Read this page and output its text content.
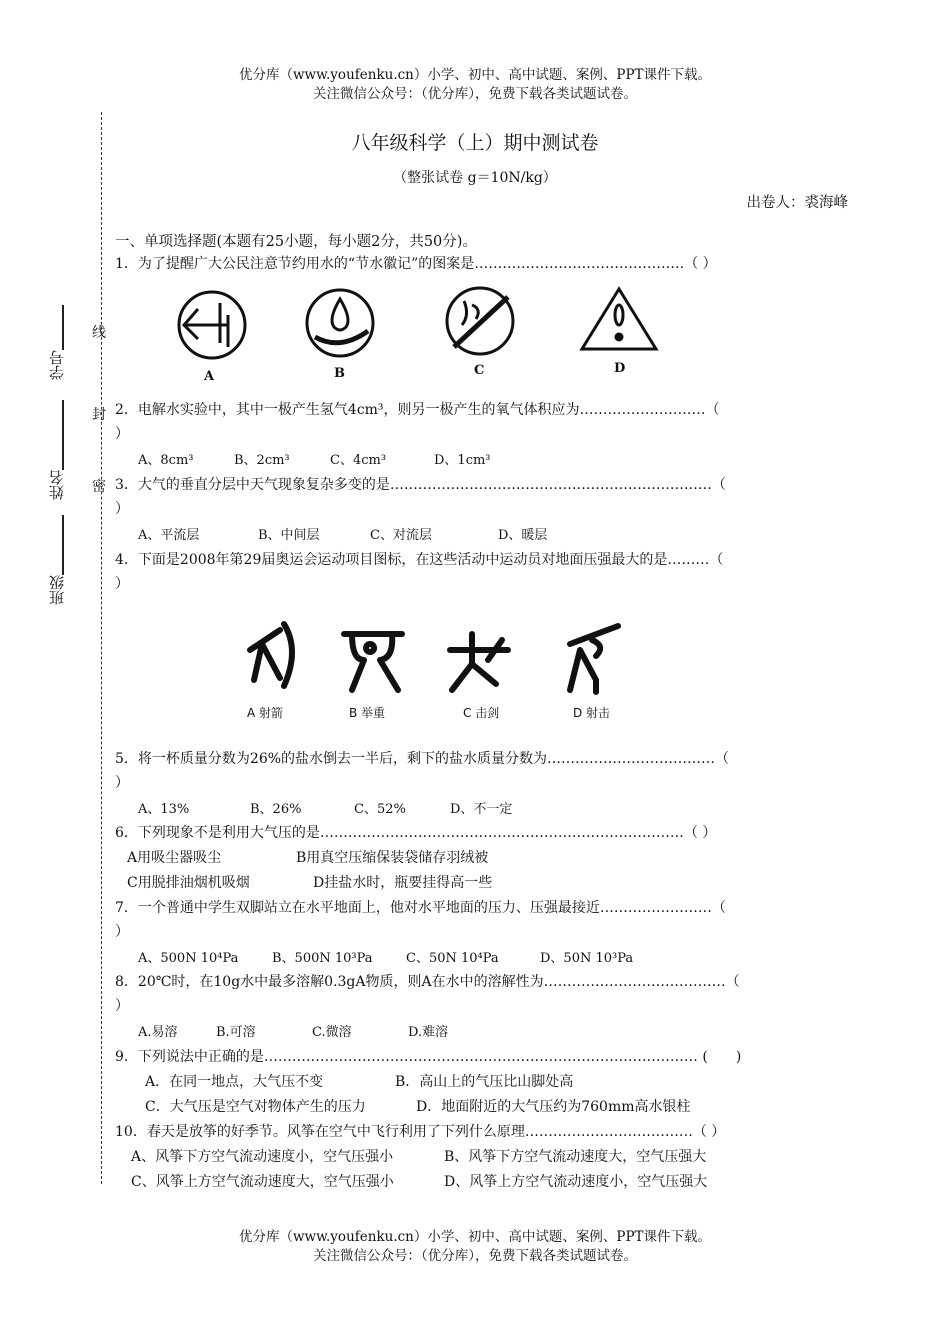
优分库（www.youfenku.cn）小学、初中、高中试题、案例、PPT课件下载。
关注微信公众号：（优分库），免费下载各类试题试卷。
学号
姓名
班级
线
封
密
八年级科学（上）期中测试卷
（整张试卷 g＝10N/kg）
出卷人：裘海峰
一、单项选择题(本题有25小题，每小题2分，共50分)。
1．为了提醒广大公民注意节约用水的“节水徽记”的图案是………………………………………（ ）
A	B	C	D
2．电解水实验中，其中一极产生氢气4cm³，则另一极产生的氧气体积应为………………………（
）
A、8cm³	B、2cm³	C、4cm³	D、1cm³
3．大气的垂直分层中天气现象复杂多变的是……………………………………………………………（
）
A、平流层	B、中间层	C、对流层	D、暖层
4．下面是2008年第29届奥运会运动项目图标，在这些活动中运动员对地面压强最大的是………（
）
A 射箭	B 举重	C 击剑	D 射击
5．将一杯质量分数为26%的盐水倒去一半后，剩下的盐水质量分数为………………………………（
）
A、13%	B、26%	C、52%	D、不一定
6．下列现象不是利用大气压的是……………………………………………………………………（ ）
A用吸尘器吸尘	B用真空压缩保装袋储存羽绒被
C用脱排油烟机吸烟	D挂盐水时，瓶要挂得高一些
7．一个普通中学生双脚站立在水平地面上，他对水平地面的压力、压强最接近……………………（
）
A、500N 10⁴Pa	B、500N 10³Pa	C、50N 10⁴Pa	D、50N 10³Pa
8．20℃时，在10g水中最多溶解0.3gA物质，则A在水中的溶解性为…………………………………（
）
A.易溶	B.可溶	C.微溶	D.难溶
9．下列说法中正确的是………………………………………………………………………………… (　　)
A．在同一地点，大气压不变	B．高山上的气压比山脚处高
C．大气压是空气对物体产生的压力	D．地面附近的大气压约为760mm高水银柱
10．春天是放筝的好季节。风筝在空气中飞行利用了下列什么原理………………………………（ ）
A、风筝下方空气流动速度小，空气压强小	B、风筝下方空气流动速度大，空气压强大
C、风筝上方空气流动速度大，空气压强小	D、风筝上方空气流动速度小，空气压强大
优分库（www.youfenku.cn）小学、初中、高中试题、案例、PPT课件下载。
关注微信公众号：（优分库），免费下载各类试题试卷。
